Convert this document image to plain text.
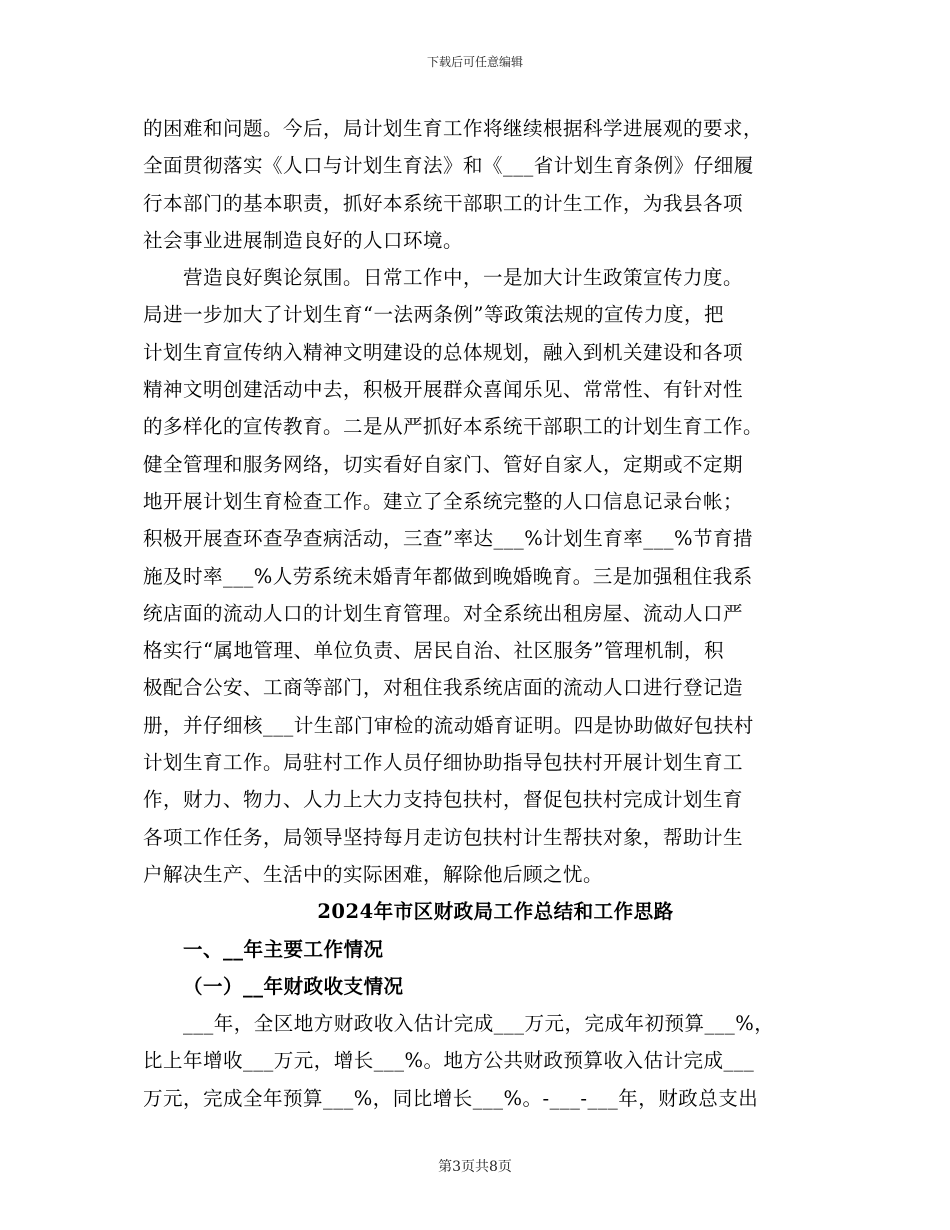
下载后可任意编辑
的困难和问题。今后，局计划生育工作将继续根据科学进展观的要求，
全面贯彻落实《人口与计划生育法》和《___省计划生育条例》仔细履
行本部门的基本职责，抓好本系统干部职工的计生工作，为我县各项
社会事业进展制造良好的人口环境。
营造良好舆论氛围。日常工作中，一是加大计生政策宣传力度。
局进一步加大了计划生育“一法两条例”等政策法规的宣传力度，把
计划生育宣传纳入精神文明建设的总体规划，融入到机关建设和各项
精神文明创建活动中去，积极开展群众喜闻乐见、常常性、有针对性
的多样化的宣传教育。二是从严抓好本系统干部职工的计划生育工作。
健全管理和服务网络，切实看好自家门、管好自家人，定期或不定期
地开展计划生育检查工作。建立了全系统完整的人口信息记录台帐；
积极开展查环查孕查病活动，三查”率达___%计划生育率___%节育措
施及时率___%人劳系统未婚青年都做到晚婚晚育。三是加强租住我系
统店面的流动人口的计划生育管理。对全系统出租房屋、流动人口严
格实行“属地管理、单位负责、居民自治、社区服务”管理机制，积
极配合公安、工商等部门，对租住我系统店面的流动人口进行登记造
册，并仔细核___计生部门审检的流动婚育证明。四是协助做好包扶村
计划生育工作。局驻村工作人员仔细协助指导包扶村开展计划生育工
作，财力、物力、人力上大力支持包扶村，督促包扶村完成计划生育
各项工作任务，局领导坚持每月走访包扶村计生帮扶对象，帮助计生
户解决生产、生活中的实际困难，解除他后顾之忧。
2024年市区财政局工作总结和工作思路
一、__年主要工作情况
（一）__年财政收支情况
___年，全区地方财政收入估计完成___万元，完成年初预算___%，
比上年增收___万元，增长___%。地方公共财政预算收入估计完成___
万元，完成全年预算___%，同比增长___%。-___-___年，财政总支出
第3页共8页
